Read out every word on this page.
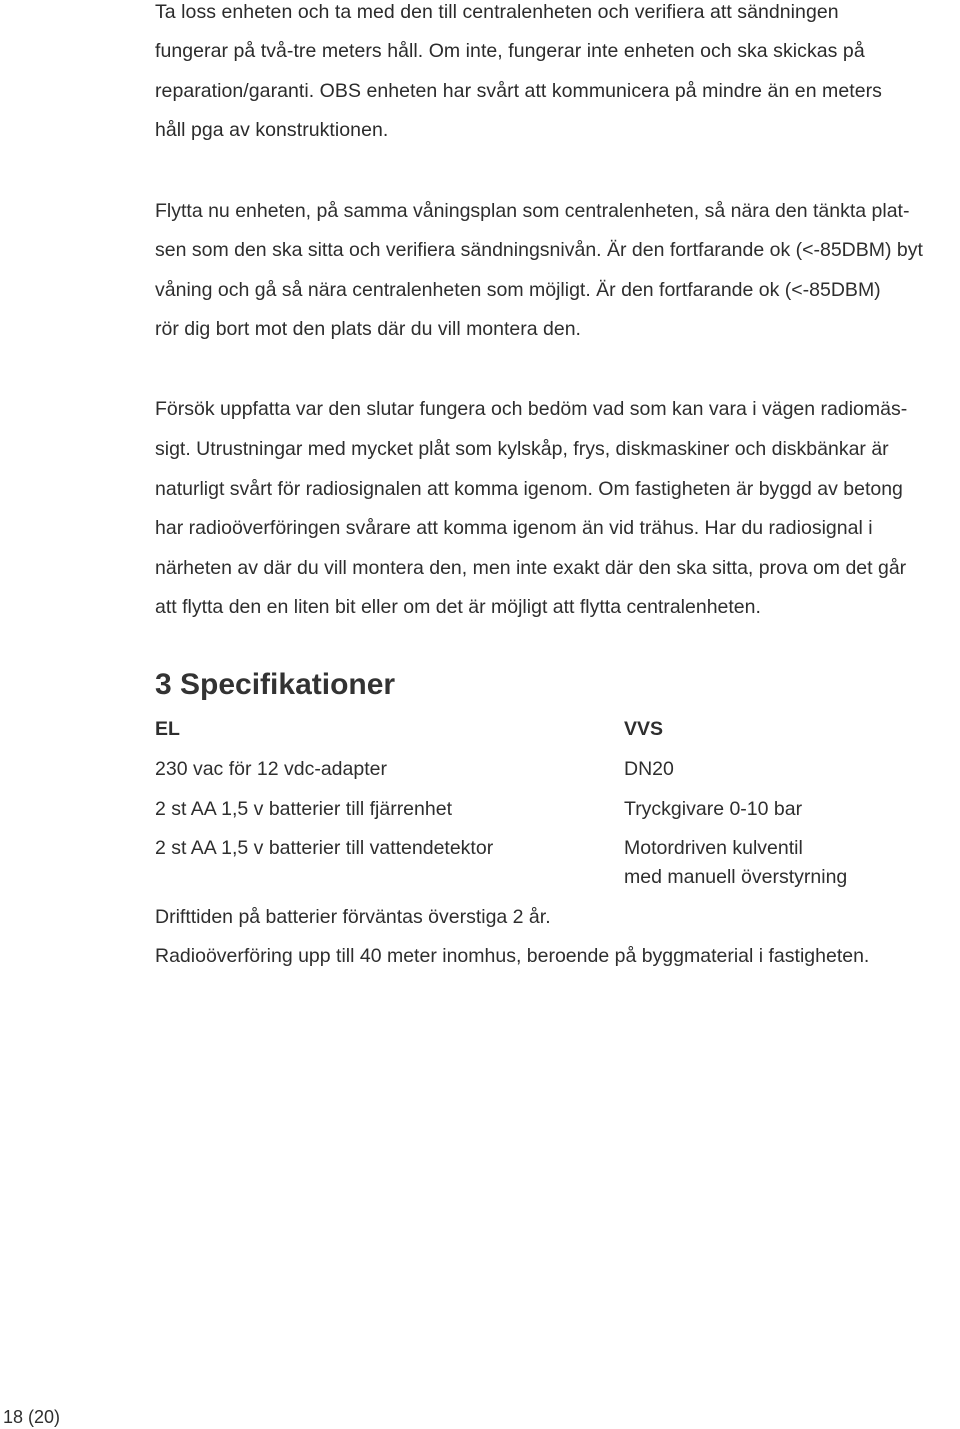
Ta loss enheten och ta med den till centralenheten och verifiera att sändningen
fungerar på två-tre meters håll. Om inte, fungerar inte enheten och ska skickas på
reparation/garanti. OBS enheten har svårt att kommunicera på mindre än en meters
håll pga av konstruktionen.
Flytta nu enheten, på samma våningsplan som centralenheten, så nära den tänkta plat-
sen som den ska sitta och verifiera sändningsnivån. Är den fortfarande ok (<-85DBM) byt
våning och gå så nära centralenheten som möjligt. Är den fortfarande ok (<-85DBM)
rör dig bort mot den plats där du vill montera den.
Försök uppfatta var den slutar fungera och bedöm vad som kan vara i vägen radiomäs-
sigt. Utrustningar med mycket plåt som kylskåp, frys, diskmaskiner och diskbänkar är
naturligt svårt för radiosignalen att komma igenom. Om fastigheten är byggd av betong
har radioöverföringen svårare att komma igenom än vid trähus. Har du radiosignal i
närheten av där du vill montera den, men inte exakt där den ska sitta, prova om det går
att flytta den en liten bit eller om det är möjligt att flytta centralenheten.
3 Specifikationer
EL
230 vac för 12 vdc-adapter
2 st AA 1,5 v batterier till fjärrenhet
2 st AA 1,5 v batterier till vattendetektor
VVS
DN20
Tryckgivare 0-10 bar
Motordriven kulventil
med manuell överstyrning
Drifttiden på batterier förväntas överstiga 2 år.
Radioöverföring upp till 40 meter inomhus, beroende på byggmaterial i fastigheten.
18 (20)
